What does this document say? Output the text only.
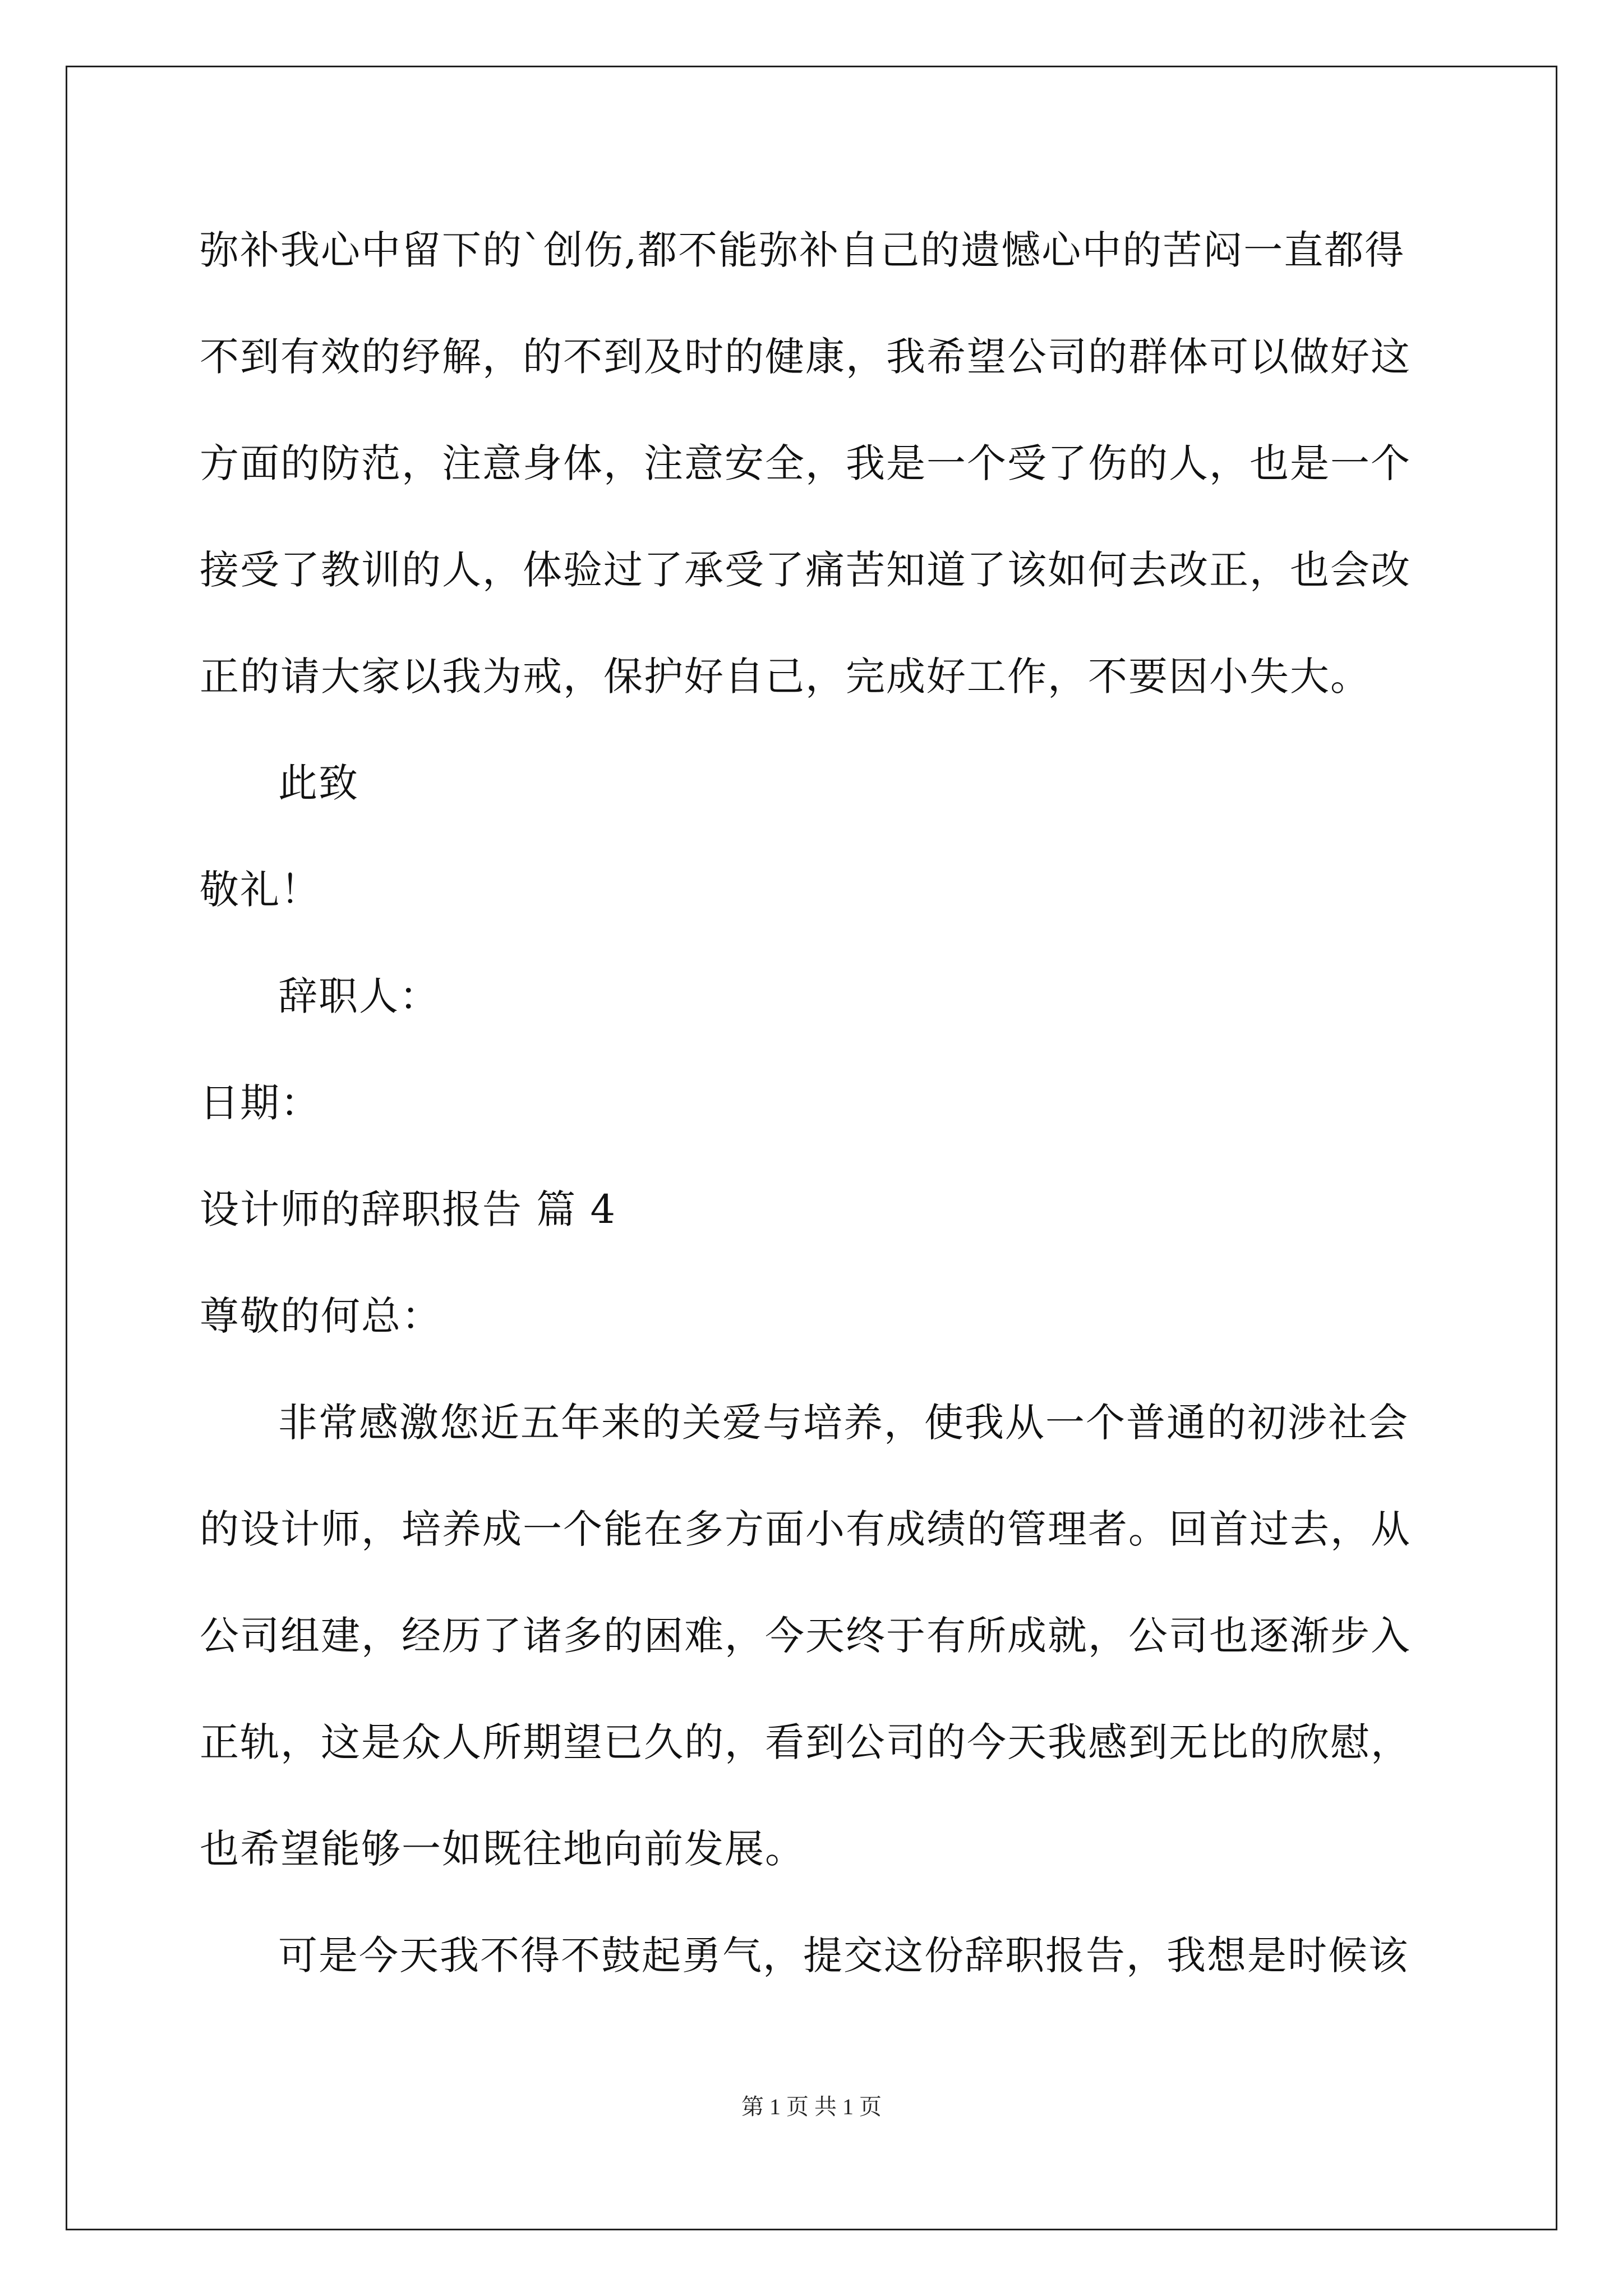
弥补我心中留下的`创伤,都不能弥补自己的遗憾心中的苦闷一直都得
不到有效的纾解，的不到及时的健康，我希望公司的群体可以做好这
方面的防范，注意身体，注意安全，我是一个受了伤的人，也是一个
接受了教训的人，体验过了承受了痛苦知道了该如何去改正，也会改
正的请大家以我为戒，保护好自己，完成好工作，不要因小失大。
此致
敬礼！
辞职人：
日期：
设计师的辞职报告 篇 4
尊敬的何总：
非常感激您近五年来的关爱与培养，使我从一个普通的初涉社会
的设计师，培养成一个能在多方面小有成绩的管理者。回首过去，从
公司组建，经历了诸多的困难，今天终于有所成就，公司也逐渐步入
正轨，这是众人所期望已久的，看到公司的今天我感到无比的欣慰，
也希望能够一如既往地向前发展。
可是今天我不得不鼓起勇气，提交这份辞职报告，我想是时候该
第 1 页 共 1 页
